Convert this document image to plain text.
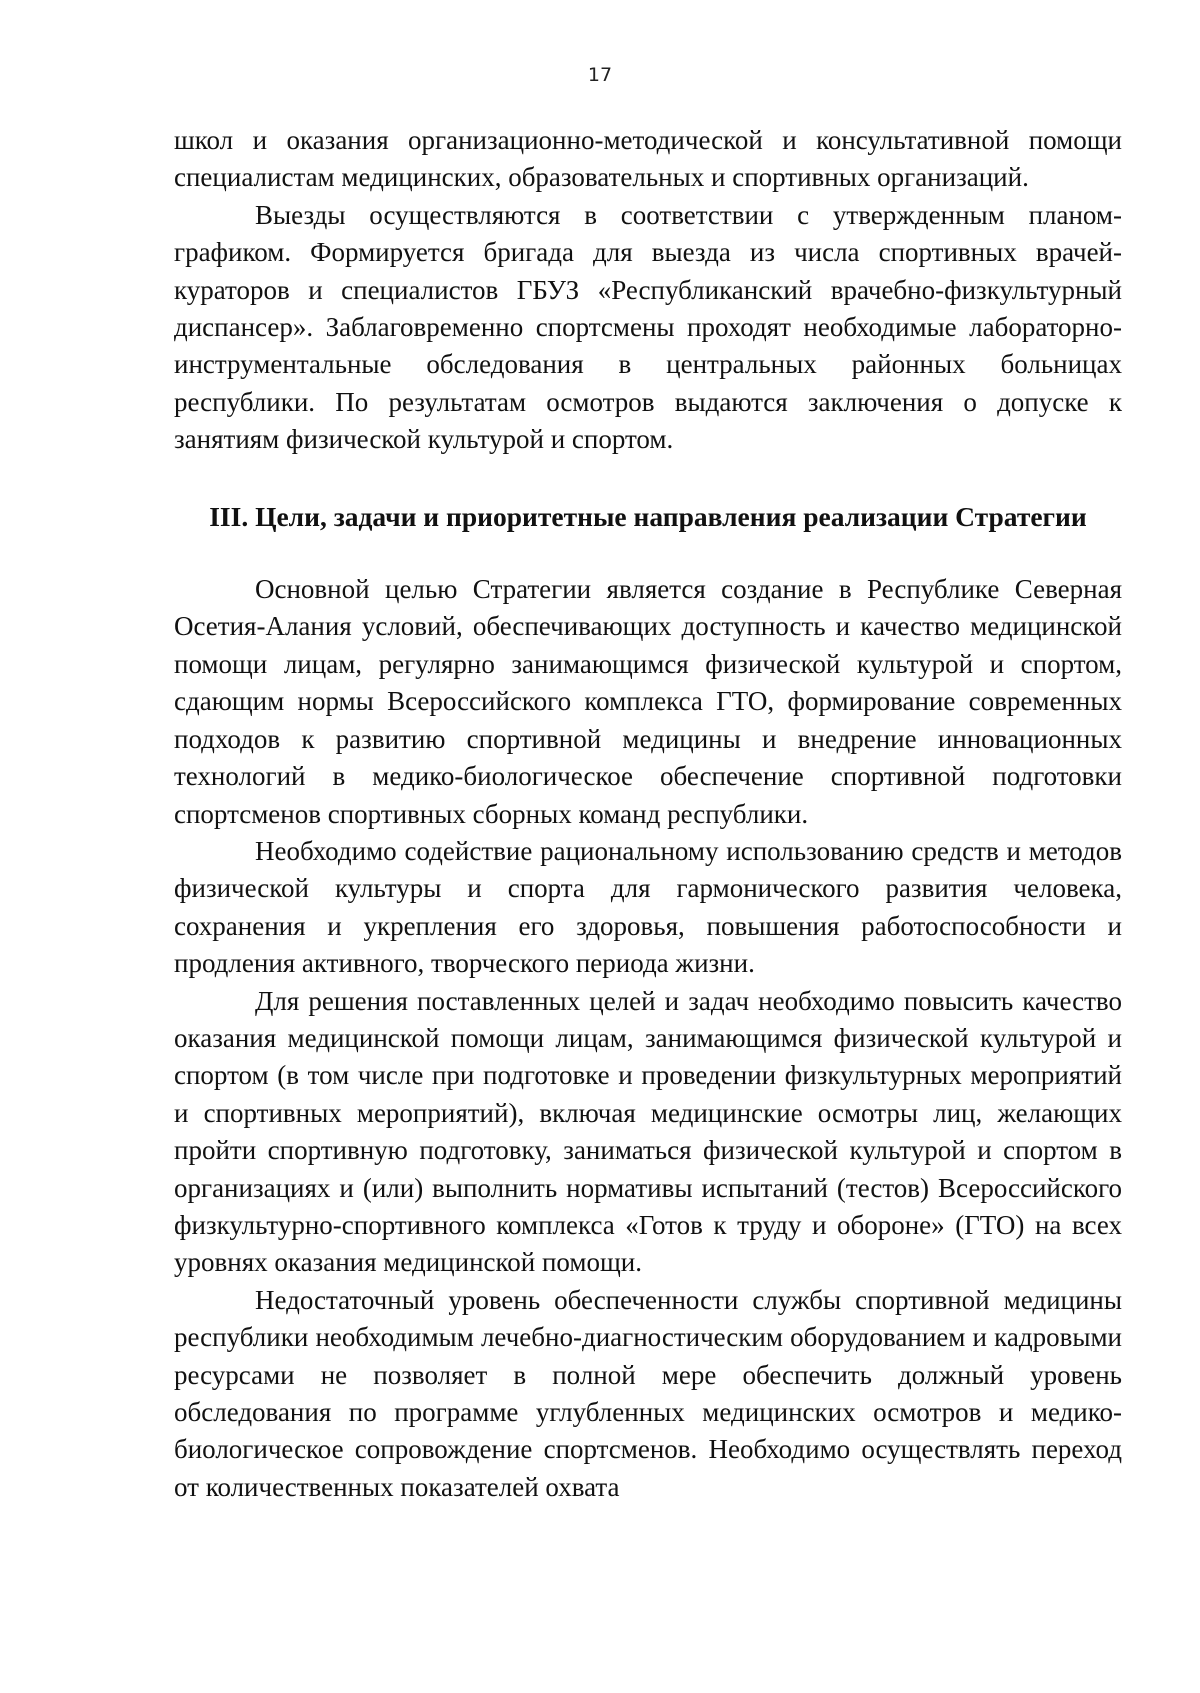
17

школ и оказания организационно-методической и консультативной помощи специалистам медицинских, образовательных и спортивных организаций.

Выезды осуществляются в соответствии с утвержденным планом-графиком. Формируется бригада для выезда из числа спортивных врачей-кураторов и специалистов ГБУЗ «Республиканский врачебно-физкультурный диспансер». Заблаговременно спортсмены проходят необходимые лабораторно-инструментальные обследования в центральных районных больницах республики. По результатам осмотров выдаются заключения о допуске к занятиям физической культурой и спортом.

III. Цели, задачи и приоритетные направления реализации Стратегии

Основной целью Стратегии является создание в Республике Северная Осетия-Алания условий, обеспечивающих доступность и качество медицинской помощи лицам, регулярно занимающимся физической культурой и спортом, сдающим нормы Всероссийского комплекса ГТО, формирование современных подходов к развитию спортивной медицины и внедрение инновационных технологий в медико-биологическое обеспечение спортивной подготовки спортсменов спортивных сборных команд республики.

Необходимо содействие рациональному использованию средств и методов физической культуры и спорта для гармонического развития человека, сохранения и укрепления его здоровья, повышения работоспособности и продления активного, творческого периода жизни.

Для решения поставленных целей и задач необходимо повысить качество оказания медицинской помощи лицам, занимающимся физической культурой и спортом (в том числе при подготовке и проведении физкультурных мероприятий и спортивных мероприятий), включая медицинские осмотры лиц, желающих пройти спортивную подготовку, заниматься физической культурой и спортом в организациях и (или) выполнить нормативы испытаний (тестов) Всероссийского физкультурно-спортивного комплекса «Готов к труду и обороне» (ГТО) на всех уровнях оказания медицинской помощи.

Недостаточный уровень обеспеченности службы спортивной медицины республики необходимым лечебно-диагностическим оборудованием и кадровыми ресурсами не позволяет в полной мере обеспечить должный уровень обследования по программе углубленных медицинских осмотров и медико-биологическое сопровождение спортсменов. Необходимо осуществлять переход от количественных показателей охвата
